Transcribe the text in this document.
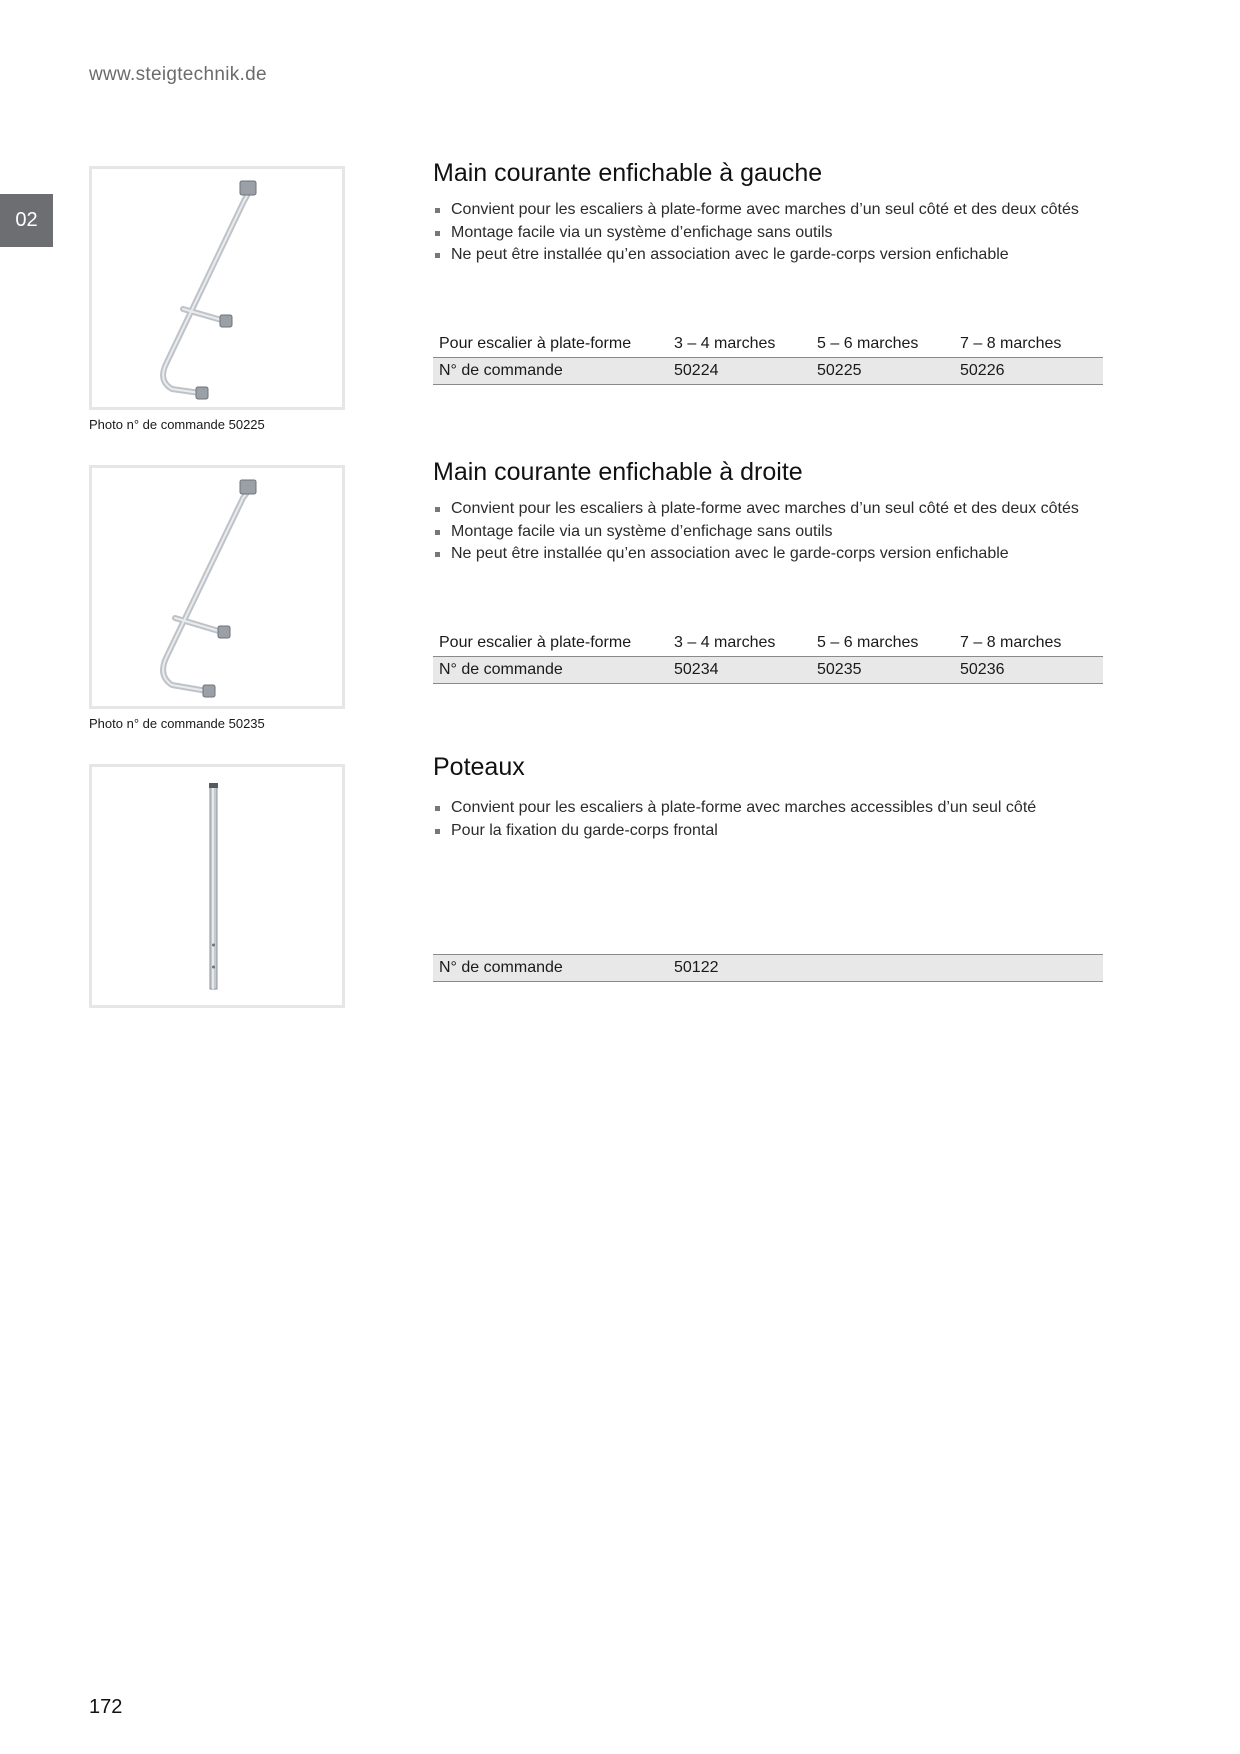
www.steigtechnik.de
02
Photo n° de commande 50225
Main courante enfichable à gauche
Convient pour les escaliers à plate-forme avec marches d’un seul côté et des deux côtés
Montage facile via un système d’enfichage sans outils
Ne peut être installée qu’en association avec le garde-corps version enfichable
Pour escalier à plate-forme	3 – 4 marches	5 – 6 marches	7 – 8 marches
N° de commande	50224	50225	50226
Photo n° de commande 50235
Main courante enfichable à droite
Convient pour les escaliers à plate-forme avec marches d’un seul côté et des deux côtés
Montage facile via un système d’enfichage sans outils
Ne peut être installée qu’en association avec le garde-corps version enfichable
Pour escalier à plate-forme	3 – 4 marches	5 – 6 marches	7 – 8 marches
N° de commande	50234	50235	50236
Poteaux
Convient pour les escaliers à plate-forme avec marches accessibles d’un seul côté
Pour la fixation du garde-corps frontal
N° de commande	50122
172
